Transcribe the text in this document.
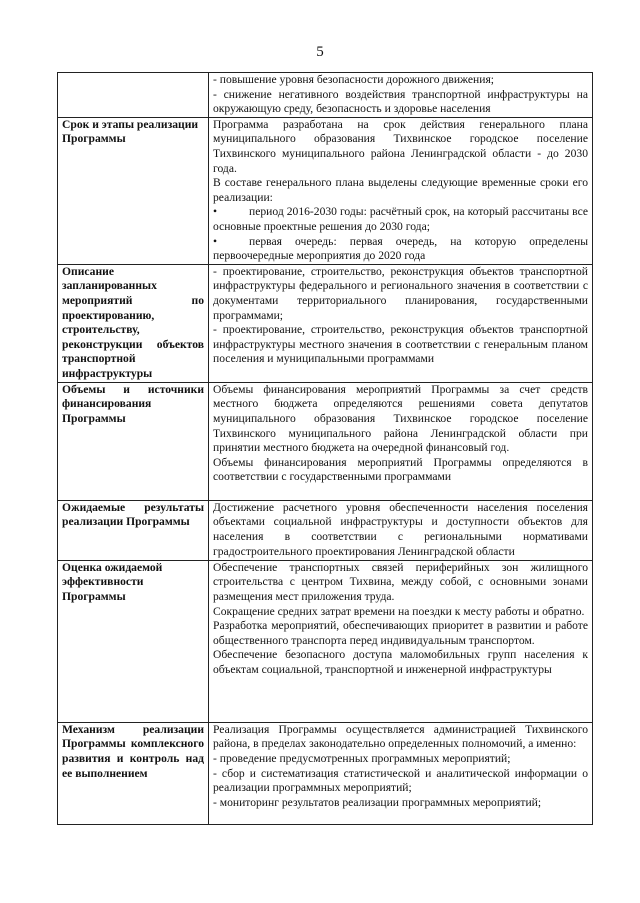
5

	- повышение уровня безопасности дорожного движения;
- снижение негативного воздействия транспортной инфраструктуры на окружающую среду, безопасность и здоровье населения

Срок и этапы реализации Программы	Программа разработана на срок действия генерального плана муниципального образования Тихвинское городское поселение Тихвинского муниципального района Ленинградской области - до 2030 года.
В составе генерального плана выделены следующие временные сроки его реализации:
• период 2016-2030 годы: расчётный срок, на который рассчитаны все основные проектные решения до 2030 года;
• первая очередь: первая очередь, на которую определены первоочередные мероприятия до 2020 года

Описание запланированных мероприятий по проектированию, строительству, реконструкции объектов транспортной инфраструктуры	- проектирование, строительство, реконструкция объектов транспортной инфраструктуры федерального и регионального значения в соответствии с документами территориального планирования, государственными программами;
- проектирование, строительство, реконструкция объектов транспортной инфраструктуры местного значения в соответствии с генеральным планом поселения и муниципальными программами

Объемы и источники финансирования Программы	Объемы финансирования мероприятий Программы за счет средств местного бюджета определяются решениями совета депутатов муниципального образования Тихвинское городское поселение Тихвинского муниципального района Ленинградской области при принятии местного бюджета на очередной финансовый год.
Объемы финансирования мероприятий Программы определяются в соответствии с государственными программами

Ожидаемые результаты реализации Программы	Достижение расчетного уровня обеспеченности населения поселения объектами социальной инфраструктуры и доступности объектов для населения в соответствии с региональными нормативами градостроительного проектирования Ленинградской области

Оценка ожидаемой эффективности Программы	Обеспечение транспортных связей периферийных зон жилищного строительства с центром Тихвина, между собой, с основными зонами размещения мест приложения труда.
Сокращение средних затрат времени на поездки к месту работы и обратно.
Разработка мероприятий, обеспечивающих приоритет в развитии и работе общественного транспорта перед индивидуальным транспортом.
Обеспечение безопасного доступа маломобильных групп населения к объектам социальной, транспортной и инженерной инфраструктуры

Механизм реализации Программы комплексного развития и контроль над ее выполнением	Реализация Программы осуществляется администрацией Тихвинского района, в пределах законодательно определенных полномочий, а именно:
- проведение предусмотренных программных мероприятий;
- сбор и систематизация статистической и аналитической информации о реализации программных мероприятий;
- мониторинг результатов реализации программных мероприятий;
